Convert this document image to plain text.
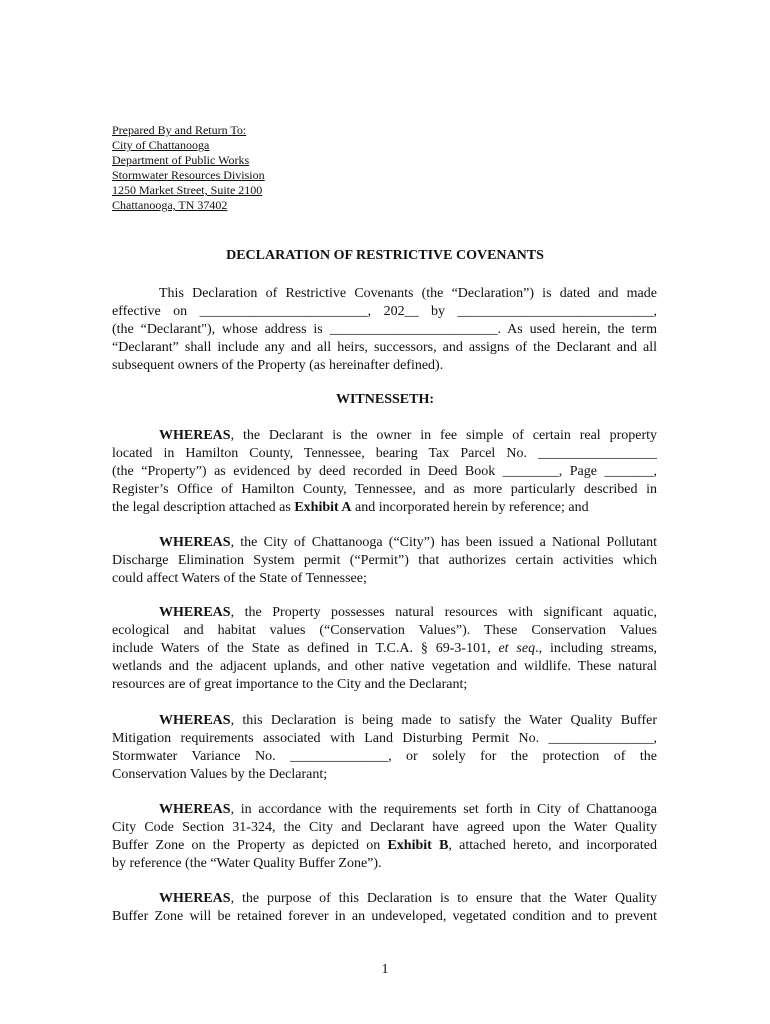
Prepared By and Return To:
City of Chattanooga
Department of Public Works
Stormwater Resources Division
1250 Market Street, Suite 2100
Chattanooga, TN 37402
DECLARATION OF RESTRICTIVE COVENANTS
This Declaration of Restrictive Covenants (the “Declaration”) is dated and made
effective on ________________________, 202__ by ____________________________,
(the “Declarant"), whose address is ________________________. As used herein, the term
“Declarant” shall include any and all heirs, successors, and assigns of the Declarant and all
subsequent owners of the Property (as hereinafter defined).
WITNESSETH:
WHEREAS, the Declarant is the owner in fee simple of certain real property
located in Hamilton County, Tennessee, bearing Tax Parcel No. _________________
(the “Property”) as evidenced by deed recorded in Deed Book ________, Page _______,
Register’s Office of Hamilton County, Tennessee, and as more particularly described in
the legal description attached as Exhibit A and incorporated herein by reference; and
WHEREAS, the City of Chattanooga (“City”) has been issued a National Pollutant
Discharge Elimination System permit (“Permit”) that authorizes certain activities which
could affect Waters of the State of Tennessee;
WHEREAS, the Property possesses natural resources with significant aquatic,
ecological and habitat values (“Conservation Values”). These Conservation Values
include Waters of the State as defined in T.C.A. § 69-3-101, et seq., including streams,
wetlands and the adjacent uplands, and other native vegetation and wildlife. These natural
resources are of great importance to the City and the Declarant;
WHEREAS, this Declaration is being made to satisfy the Water Quality Buffer
Mitigation requirements associated with Land Disturbing Permit No. _______________,
Stormwater Variance No. ______________, or solely for the protection of the
Conservation Values by the Declarant;
WHEREAS, in accordance with the requirements set forth in City of Chattanooga
City Code Section 31-324, the City and Declarant have agreed upon the Water Quality
Buffer Zone on the Property as depicted on Exhibit B, attached hereto, and incorporated
by reference (the “Water Quality Buffer Zone”).
WHEREAS, the purpose of this Declaration is to ensure that the Water Quality
Buffer Zone will be retained forever in an undeveloped, vegetated condition and to prevent
1
